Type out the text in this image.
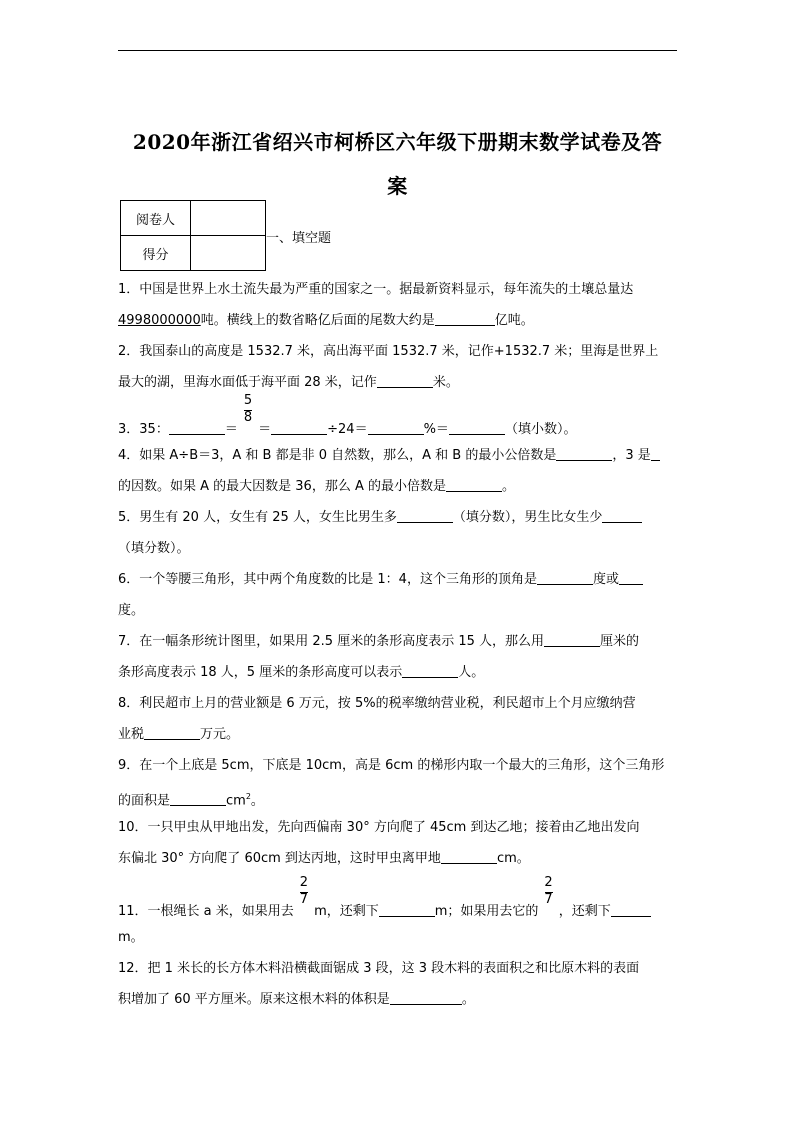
2020年浙江省绍兴市柯桥区六年级下册期末数学试卷及答
案
阅卷人	
得分	
一、填空题
1．中国是世界上水土流失最为严重的国家之一。据最新资料显示，每年流失的土壤总量达
4998000000吨。横线上的数省略亿后面的尾数大约是	亿吨。
2．我国泰山的高度是 1532.7 米，高出海平面 1532.7 米，记作+1532.7 米；里海是世界上
最大的湖，里海水面低于海平面 28 米，记作	米。
3．35：	＝ $\frac{5}{8}$ ＝	÷24＝	%＝	（填小数）。
4．如果 A÷B＝3，A 和 B 都是非 0 自然数，那么，A 和 B 的最小公倍数是	，3 是
的因数。如果 A 的最大因数是 36，那么 A 的最小倍数是	。
5．男生有 20 人，女生有 25 人，女生比男生多	（填分数），男生比女生少
（填分数）。
6．一个等腰三角形，其中两个角度数的比是 1：4，这个三角形的顶角是	度或
度。
7．在一幅条形统计图里，如果用 2.5 厘米的条形高度表示 15 人，那么用	厘米的
条形高度表示 18 人，5 厘米的条形高度可以表示	人。
8．利民超市上月的营业额是 6 万元，按 5%的税率缴纳营业税，利民超市上个月应缴纳营
业税	万元。
9．在一个上底是 5cm，下底是 10cm，高是 6cm 的梯形内取一个最大的三角形，这个三角形
的面积是	$cm^2$。
10．一只甲虫从甲地出发，先向西偏南 30° 方向爬了 45cm 到达乙地；接着由乙地出发向
东偏北 30° 方向爬了 60cm 到达丙地，这时甲虫离甲地	cm。
11．一根绳长 a 米，如果用去 $\frac{2}{7}$ m，还剩下	m；如果用去它的 $\frac{2}{7}$ ，还剩下
m。
12．把 1 米长的长方体木料沿横截面锯成 3 段，这 3 段木料的表面积之和比原木料的表面
积增加了 60 平方厘米。原来这根木料的体积是	。
